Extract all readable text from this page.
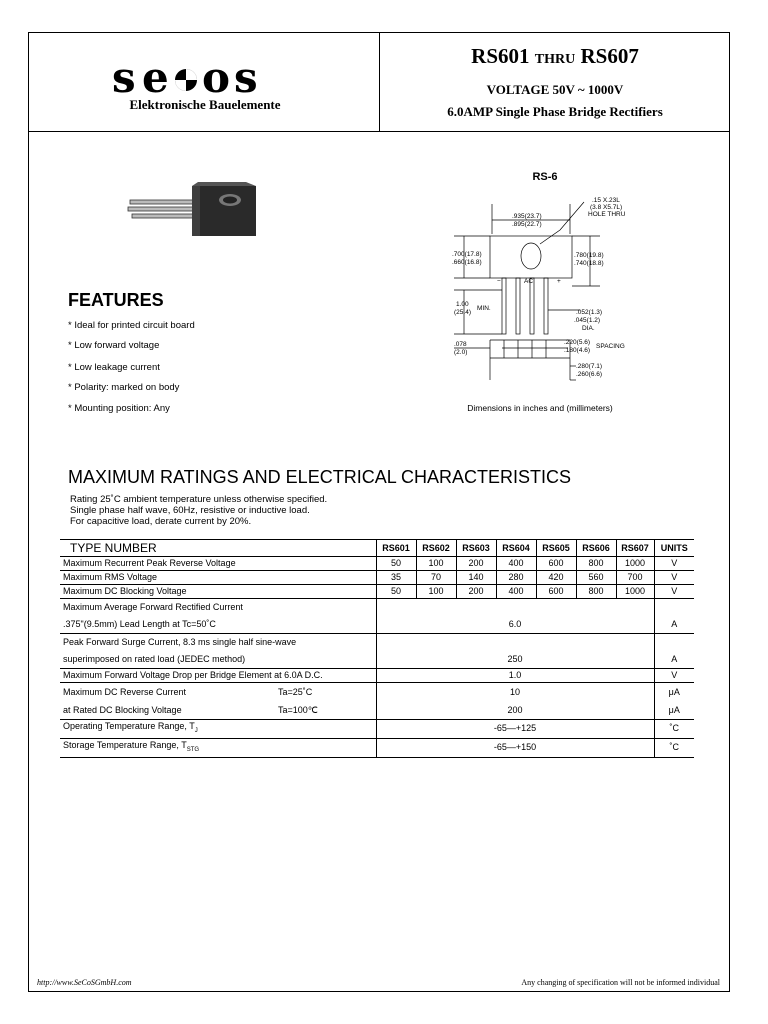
s e o s
Elektronische Bauelemente
RS601 THRU RS607
VOLTAGE 50V ~ 1000V
6.0AMP Single Phase Bridge Rectifiers
RS-6
.15 X.23L
(3.8 X5.7L)
HOLE THRU
.935(23.7)
.895(22.7)
.700(17.8)
.660(16.8)
.780(19.8)
.740(18.8)
−	AC	+
1.00
(25.4)
MIN.
.052(1.3)
.045(1.2)
DIA.
.078
(2.0)
.220(5.6)
.180(4.6)
SPACING
.280(7.1)
.260(6.6)
Dimensions in inches and (millimeters)
FEATURES
* Ideal for printed circuit board
* Low forward voltage
* Low leakage current
* Polarity: marked on body
* Mounting position: Any
MAXIMUM RATINGS AND ELECTRICAL CHARACTERISTICS
Rating 25˚C ambient temperature unless otherwise specified.
Single phase half wave, 60Hz, resistive or inductive load.
For capacitive load, derate current by 20%.
TYPE NUMBER	RS601	RS602	RS603	RS604	RS605	RS606	RS607	UNITS
Maximum Recurrent Peak Reverse Voltage	50	100	200	400	600	800	1000	V
Maximum RMS Voltage	35	70	140	280	420	560	700	V
Maximum DC Blocking Voltage	50	100	200	400	600	800	1000	V
Maximum Average Forward Rectified Current								
.375"(9.5mm) Lead Length at Tc=50˚C	6.0							A
Peak Forward Surge Current, 8.3 ms single half sine-wave								
superimposed on rated load (JEDEC method)	250							A
Maximum Forward Voltage Drop per Bridge Element at 6.0A D.C.	1.0							V
Maximum DC Reverse Current Ta=25˚C	10							μA
at Rated DC Blocking Voltage Ta=100℃	200							μA
Operating Temperature Range, $T_J$	-65—+125							˚C
Storage Temperature Range, $T_{STG}$	-65—+150							˚C
http://www.SeCoSGmbH.com	Any changing of specification will not be informed individual
